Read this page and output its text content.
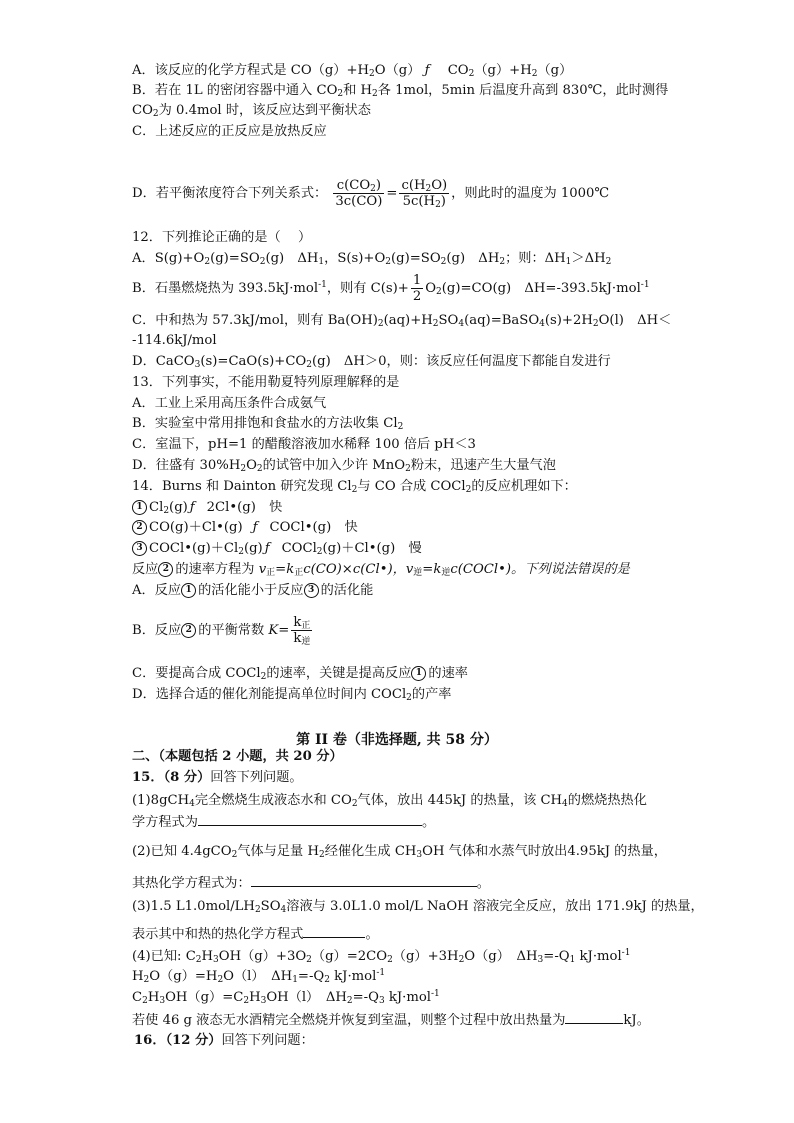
A．该反应的化学方程式是 $CO(g)+H_2O(g)$ ƒ $CO_2(g)+H_2(g)$
B．若在 1L 的密闭容器中通入 $CO_2$和 $H_2$各 1mol，5min 后温度升高到 830℃，此时测得
$CO_2$为 0.4mol 时，该反应达到平衡状态
C．上述反应的正反应是放热反应
D．若平衡浓度符合下列关系式： $\frac{c(CO_2)}{3c(CO)} = \frac{c(H_2O)}{5c(H_2)}$ ，则此时的温度为 1000℃
12．下列推论正确的是（　 ）
A．$S(g)+O_2(g)=SO_2(g)$　$\Delta H_1$，$S(s)+O_2(g)=SO_2(g)$　$\Delta H_2$；则：$\Delta H_1>\Delta H_2$
B．石墨燃烧热为 393.5kJ·mol$^{-1}$，则有 $C(s)+ \frac{1}{2} O_2(g)=CO(g)$　ΔH=-393.5kJ·mol$^{-1}$
C．中和热为 57.3kJ/mol，则有 $Ba(OH)_2(aq)+H_2SO_4(aq)=BaSO_4(s)+2H_2O(l)$　ΔH＜
-114.6kJ/mol
D．$CaCO_3(s)=CaO(s)+CO_2(g)$　ΔH＞0，则：该反应任何温度下都能自发进行
13．下列事实，不能用勒夏特列原理解释的是
A．工业上采用高压条件合成氨气
B．实验室中常用排饱和食盐水的方法收集 $Cl_2$
C．室温下，pH=1 的醋酸溶液加水稀释 100 倍后 pH＜3
D．往盛有 $30\%H_2O_2$的试管中加入少许 MnO$_2$粉末，迅速产生大量气泡
14．Burns 和 Dainton 研究发现 $Cl_2$与 CO 合成 COCl$_2$的反应机理如下：
1 $Cl_2(g)$ ƒ 2Cl•(g)　快
2 CO(g)＋Cl•(g) ƒ COCl•(g)　快
3 $COCl•(g)+Cl_2(g)$ ƒ COCl$_2$(g)＋Cl•(g)　慢
反应 2 的速率方程为 $v_正=k_正c(CO)\times c(Cl•)$，$v_逆=k_逆c(COCl•)$。下列说法错误的是
A．反应 1 的活化能小于反应 3 的活化能
B．反应 2 的平衡常数 $K= \frac{k_正}{k_逆}$
C．要提高合成 COCl$_2$的速率，关键是提高反应 1 的速率
D．选择合适的催化剂能提高单位时间内 COCl$_2$的产率
第 II 卷（非选择题, 共 58 分）
二、（本题包括 2 小题，共 20 分）
15．（8 分）回答下列问题。
(1)8gCH$_4$完全燃烧生成液态水和 $CO_2$气体，放出 445kJ 的热量，该 $CH_4$的燃烧热热化
学方程式为	。
(2)已知 4.4gCO$_2$气体与足量 $H_2$经催化生成 $CH_3OH$ 气体和水蒸气时放出4.95kJ 的热量，
其热化学方程式为：	。
(3)1.5 $L1.0mol/LH_2SO_4$溶液与 3.0L1.0 mol/L NaOH 溶液完全反应，放出 171.9kJ 的热量，
表示其中和热的热化学方程式	。
(4)已知: $C_2H_3OH(g)+3O_2(g)=2CO_2(g)+3H_2O(g)$　$\Delta H_3=-Q_1$ kJ·mol$^{-1}$
$H_2O(g)=H_2O(l)$　$\Delta H_1=-Q_2$ kJ·mol$^{-1}$
$C_2H_3OH(g)=C_2H_3OH(l)$　$\Delta H_2=-Q_3$ kJ·mol$^{-1}$
若使 46 g 液态无水酒精完全燃烧并恢复到室温，则整个过程中放出热量为	kJ。
16．（12 分）回答下列问题：
